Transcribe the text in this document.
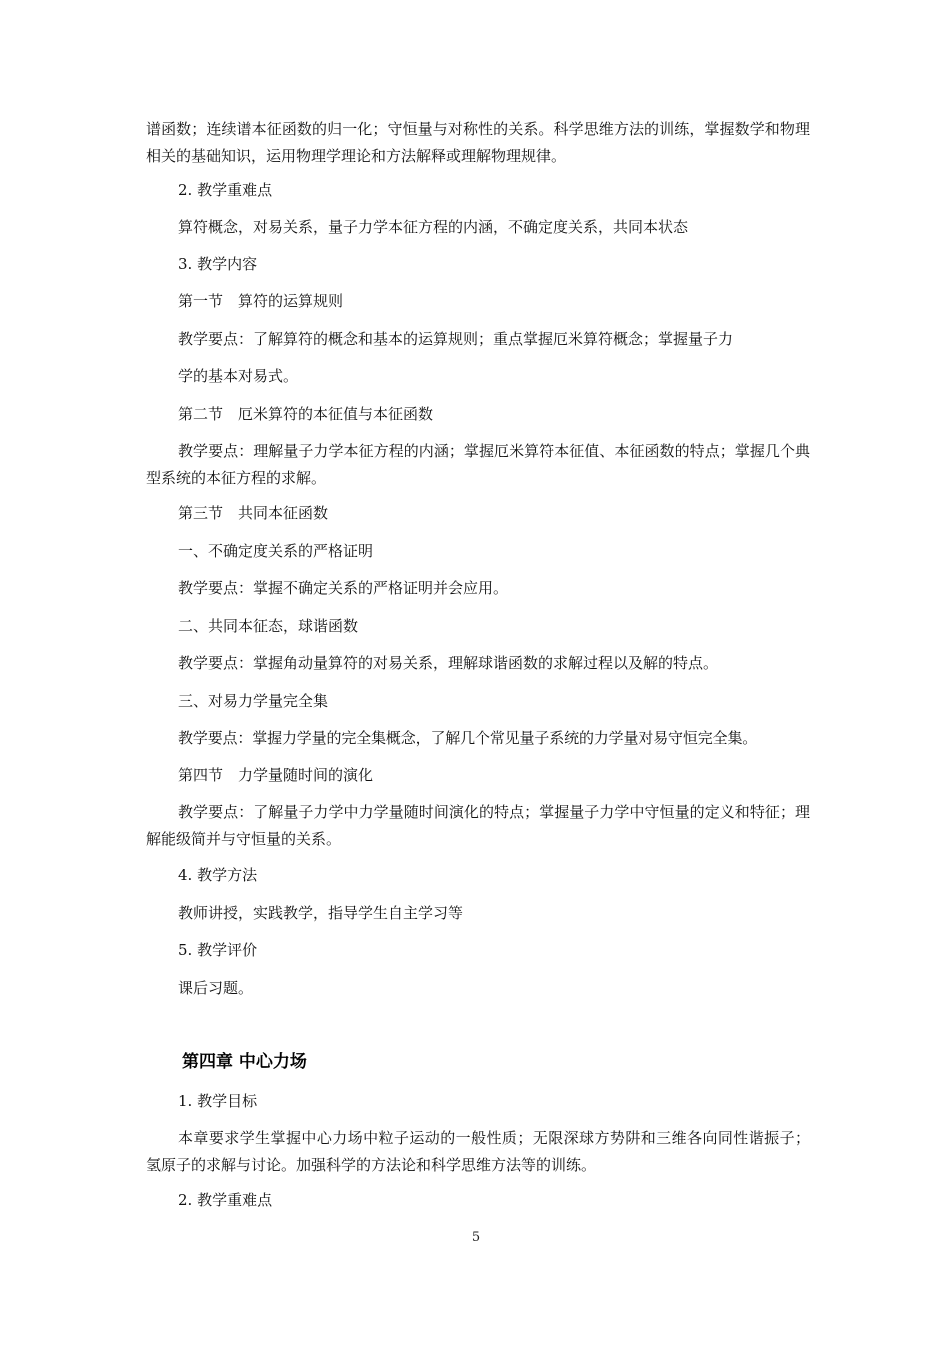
谱函数；连续谱本征函数的归一化；守恒量与对称性的关系。科学思维方法的训练，掌握数学和物理相关的基础知识，运用物理学理论和方法解释或理解物理规律。
2. 教学重难点
算符概念，对易关系，量子力学本征方程的内涵，不确定度关系，共同本状态
3. 教学内容
第一节　算符的运算规则
教学要点：了解算符的概念和基本的运算规则；重点掌握厄米算符概念；掌握量子力
学的基本对易式。
第二节　厄米算符的本征值与本征函数
教学要点：理解量子力学本征方程的内涵；掌握厄米算符本征值、本征函数的特点；掌握几个典型系统的本征方程的求解。
第三节　共同本征函数
一、不确定度关系的严格证明
教学要点：掌握不确定关系的严格证明并会应用。
二、共同本征态，球谐函数
教学要点：掌握角动量算符的对易关系，理解球谐函数的求解过程以及解的特点。
三、对易力学量完全集
教学要点：掌握力学量的完全集概念，了解几个常见量子系统的力学量对易守恒完全集。
第四节　力学量随时间的演化
教学要点：了解量子力学中力学量随时间演化的特点；掌握量子力学中守恒量的定义和特征；理解能级简并与守恒量的关系。
4. 教学方法
教师讲授，实践教学，指导学生自主学习等
5. 教学评价
课后习题。
第四章 中心力场
1. 教学目标
本章要求学生掌握中心力场中粒子运动的一般性质；无限深球方势阱和三维各向同性谐振子； 氢原子的求解与讨论。加强科学的方法论和科学思维方法等的训练。
2. 教学重难点
5
